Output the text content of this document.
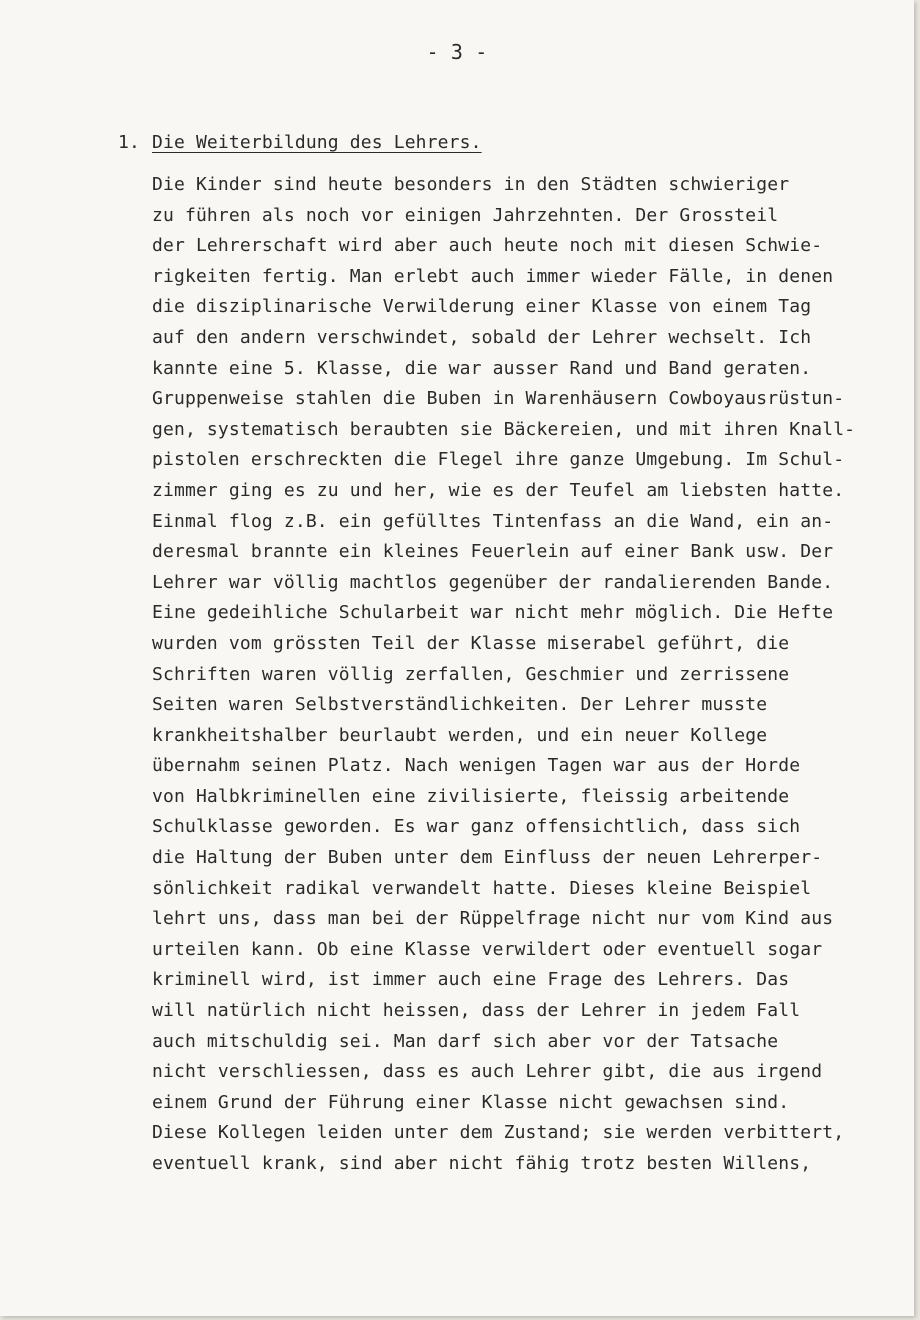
- 3 -
1. Die Weiterbildung des Lehrers.
Die Kinder sind heute besonders in den Städten schwieriger
zu führen als noch vor einigen Jahrzehnten. Der Grossteil
der Lehrerschaft wird aber auch heute noch mit diesen Schwie-
rigkeiten fertig. Man erlebt auch immer wieder Fälle, in denen
die disziplinarische Verwilderung einer Klasse von einem Tag
auf den andern verschwindet, sobald der Lehrer wechselt. Ich
kannte eine 5. Klasse, die war ausser Rand und Band geraten.
Gruppenweise stahlen die Buben in Warenhäusern Cowboyausrüstun-
gen, systematisch beraubten sie Bäckereien, und mit ihren Knall-
pistolen erschreckten die Flegel ihre ganze Umgebung. Im Schul-
zimmer ging es zu und her, wie es der Teufel am liebsten hatte.
Einmal flog z.B. ein gefülltes Tintenfass an die Wand, ein an-
deresmal brannte ein kleines Feuerlein auf einer Bank usw. Der
Lehrer war völlig machtlos gegenüber der randalierenden Bande.
Eine gedeihliche Schularbeit war nicht mehr möglich. Die Hefte
wurden vom grössten Teil der Klasse miserabel geführt, die
Schriften waren völlig zerfallen, Geschmier und zerrissene
Seiten waren Selbstverständlichkeiten. Der Lehrer musste
krankheitshalber beurlaubt werden, und ein neuer Kollege
übernahm seinen Platz. Nach wenigen Tagen war aus der Horde
von Halbkriminellen eine zivilisierte, fleissig arbeitende
Schulklasse geworden. Es war ganz offensichtlich, dass sich
die Haltung der Buben unter dem Einfluss der neuen Lehrerper-
sönlichkeit radikal verwandelt hatte. Dieses kleine Beispiel
lehrt uns, dass man bei der Rüppelfrage nicht nur vom Kind aus
urteilen kann. Ob eine Klasse verwildert oder eventuell sogar
kriminell wird, ist immer auch eine Frage des Lehrers. Das
will natürlich nicht heissen, dass der Lehrer in jedem Fall
auch mitschuldig sei. Man darf sich aber vor der Tatsache
nicht verschliessen, dass es auch Lehrer gibt, die aus irgend
einem Grund der Führung einer Klasse nicht gewachsen sind.
Diese Kollegen leiden unter dem Zustand; sie werden verbittert,
eventuell krank, sind aber nicht fähig trotz besten Willens,
